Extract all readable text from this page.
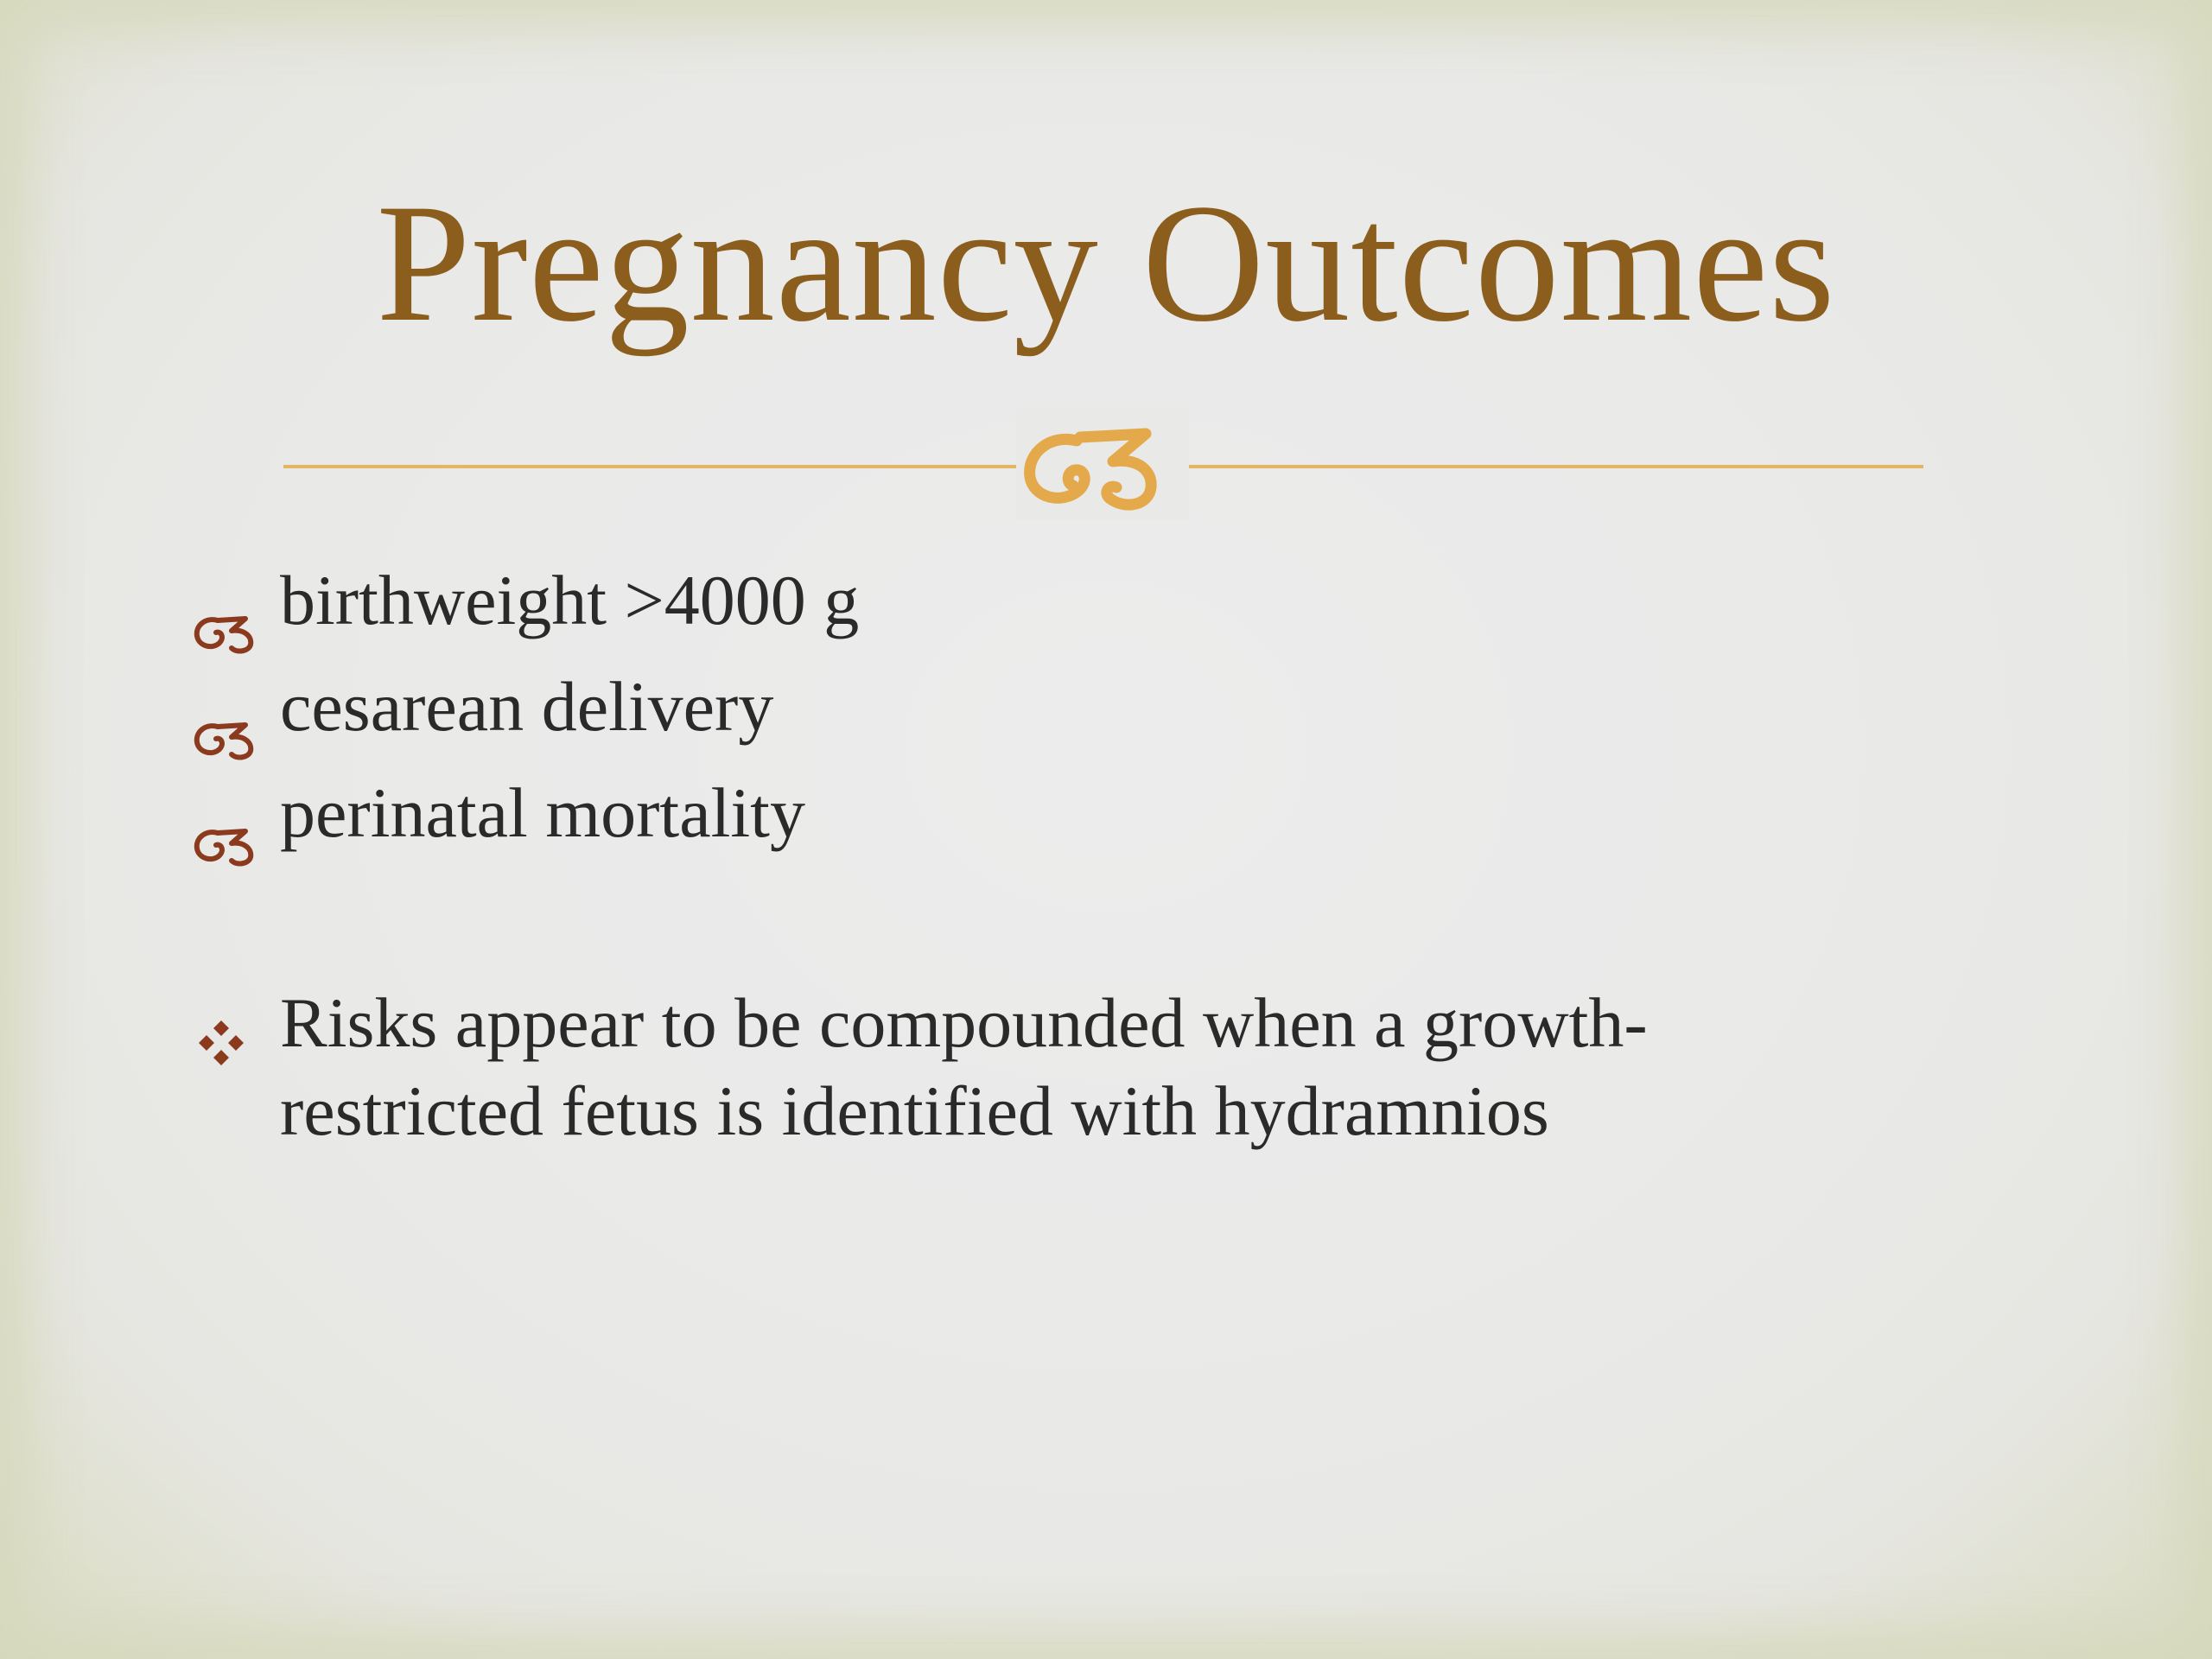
Pregnancy Outcomes
birthweight >4000 g
cesarean delivery
perinatal mortality
Risks appear to be compounded when a growth-
restricted fetus is identified with hydramnios
